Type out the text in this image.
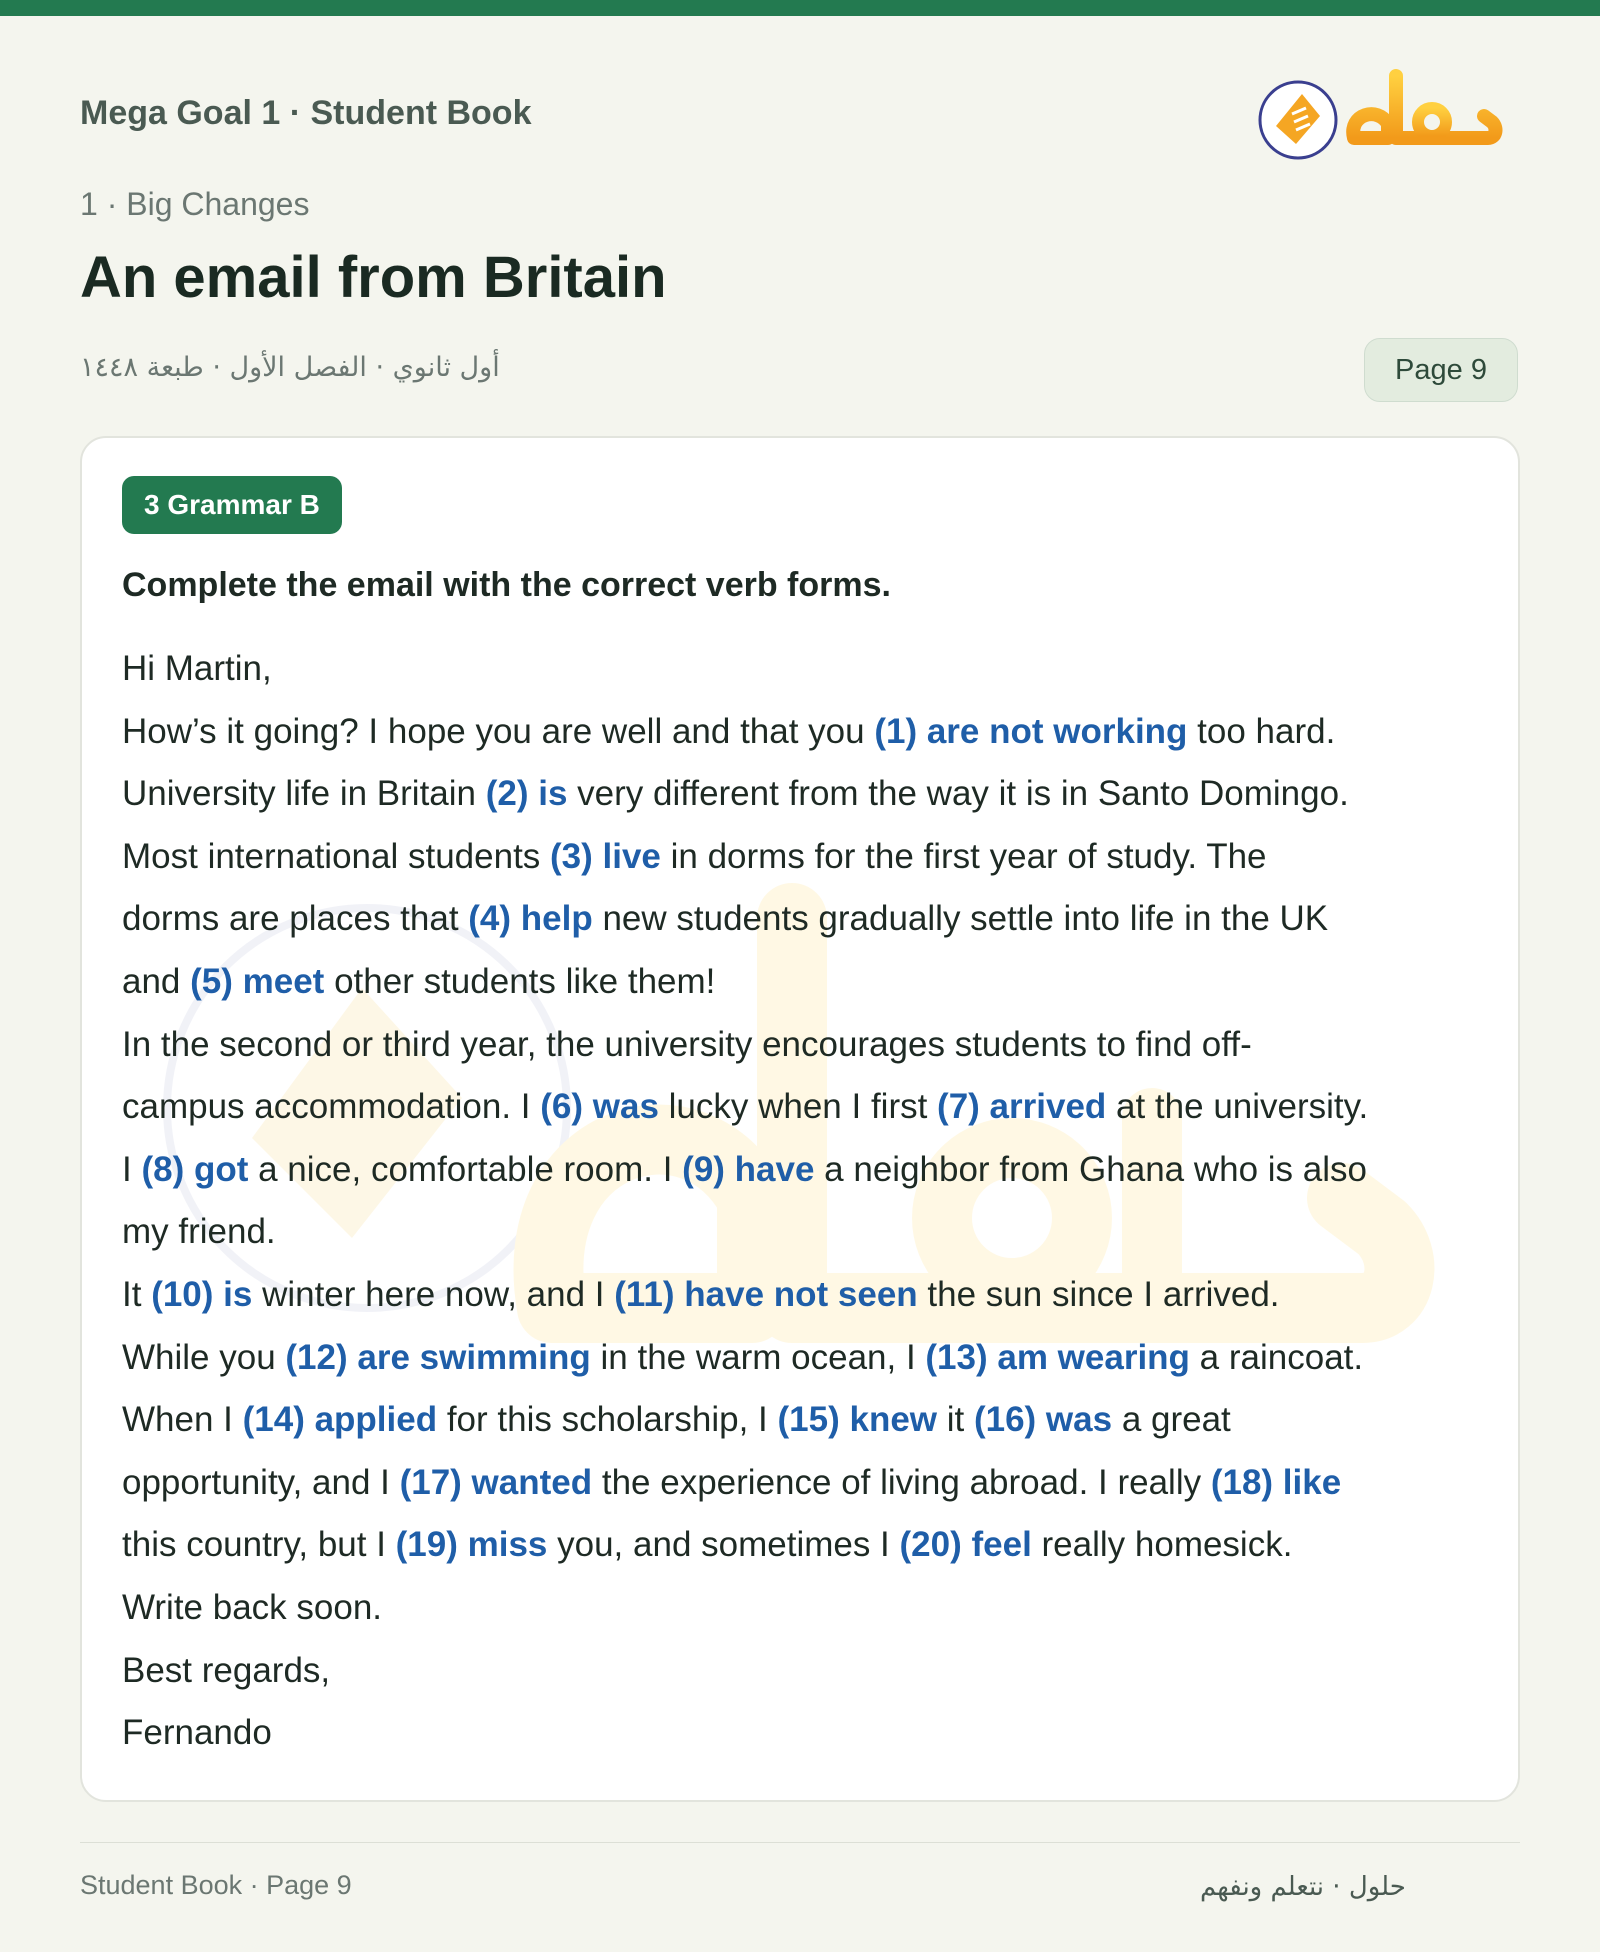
Mega Goal 1 · Student Book
1 · Big Changes
An email from Britain
أول ثانوي · الفصل الأول · طبعة ١٤٤٨	Page 9
3 Grammar B
Complete the email with the correct verb forms.
Hi Martin,
How’s it going? I hope you are well and that you (1) are not working too hard.
University life in Britain (2) is very different from the way it is in Santo Domingo.
Most international students (3) live in dorms for the first year of study. The
dorms are places that (4) help new students gradually settle into life in the UK
and (5) meet other students like them!
In the second or third year, the university encourages students to find off-
campus accommodation. I (6) was lucky when I first (7) arrived at the university.
I (8) got a nice, comfortable room. I (9) have a neighbor from Ghana who is also
my friend.
It (10) is winter here now, and I (11) have not seen the sun since I arrived.
While you (12) are swimming in the warm ocean, I (13) am wearing a raincoat.
When I (14) applied for this scholarship, I (15) knew it (16) was a great
opportunity, and I (17) wanted the experience of living abroad. I really (18) like
this country, but I (19) miss you, and sometimes I (20) feel really homesick.
Write back soon.
Best regards,
Fernando
Student Book · Page 9	حلول · نتعلم ونفهم
